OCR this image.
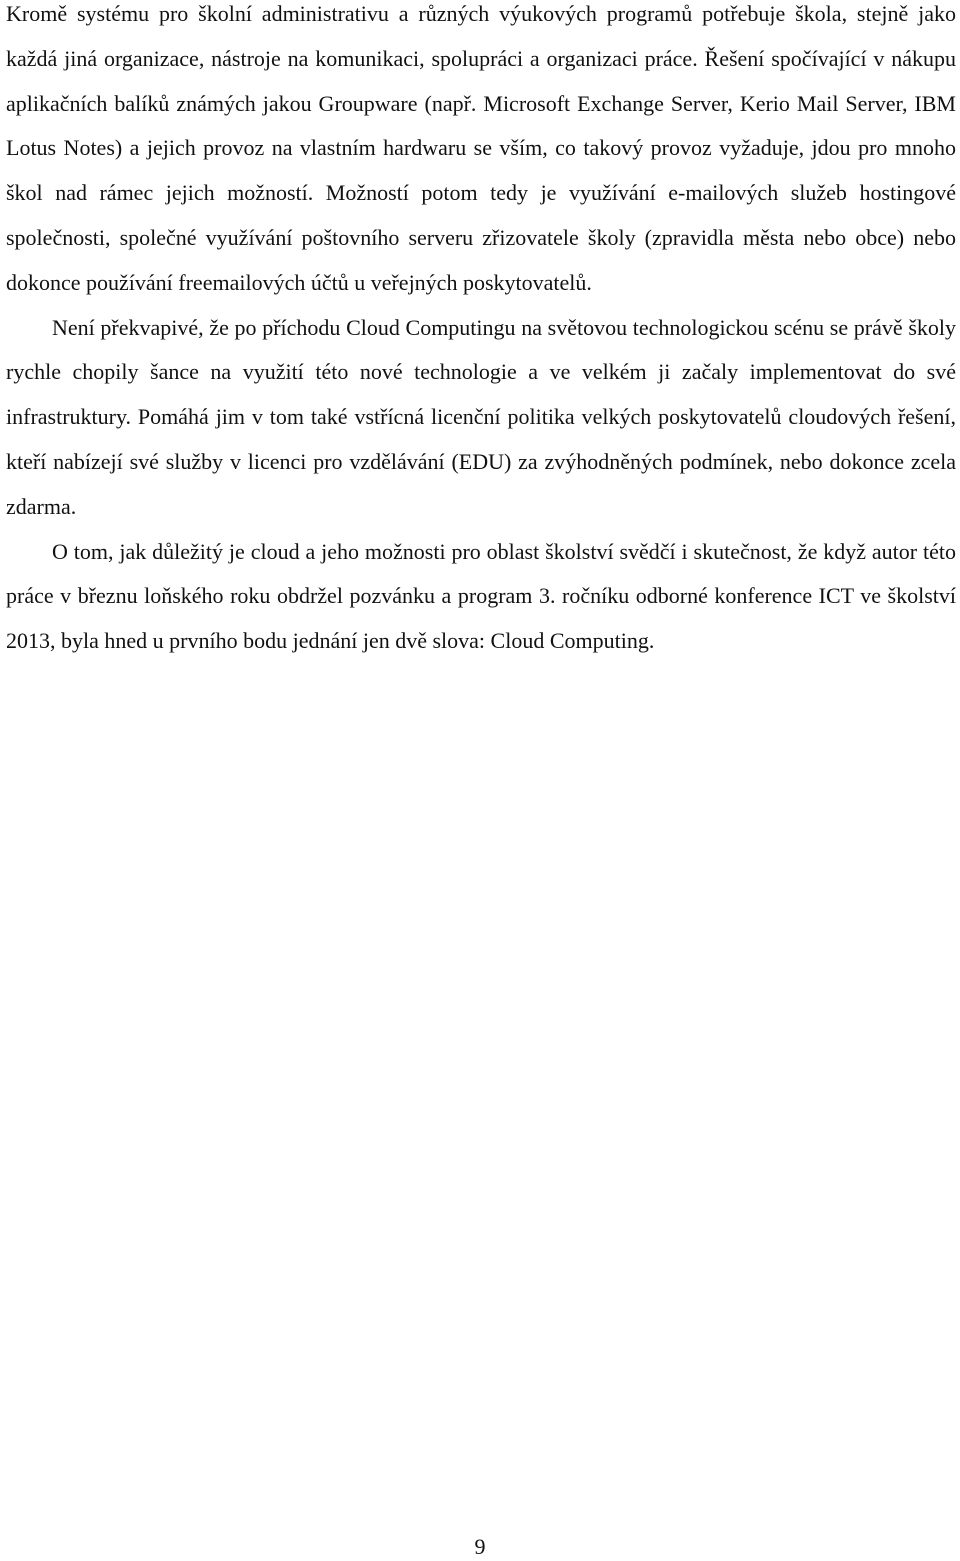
Kromě systému pro školní administrativu a různých výukových programů potřebuje škola, stejně jako každá jiná organizace, nástroje na komunikaci, spolupráci a organizaci práce. Řešení spočívající v nákupu aplikačních balíků známých jakou Groupware (např. Microsoft Exchange Server, Kerio Mail Server, IBM Lotus Notes) a jejich provoz na vlastním hardwaru se vším, co takový provoz vyžaduje, jdou pro mnoho škol nad rámec jejich možností. Možností potom tedy je využívání e-mailových služeb hostingové společnosti, společné využívání poštovního serveru zřizovatele školy (zpravidla města nebo obce) nebo dokonce používání freemailových účtů u veřejných poskytovatelů.

Není překvapivé, že po příchodu Cloud Computingu na světovou technologickou scénu se právě školy rychle chopily šance na využití této nové technologie a ve velkém ji začaly implementovat do své infrastruktury. Pomáhá jim v tom také vstřícná licenční politika velkých poskytovatelů cloudových řešení, kteří nabízejí své služby v licenci pro vzdělávání (EDU) za zvýhodněných podmínek, nebo dokonce zcela zdarma.

O tom, jak důležitý je cloud a jeho možnosti pro oblast školství svědčí i skutečnost, že když autor této práce v březnu loňského roku obdržel pozvánku a program 3. ročníku odborné konference ICT ve školství 2013, byla hned u prvního bodu jednání jen dvě slova: Cloud Computing.

9
